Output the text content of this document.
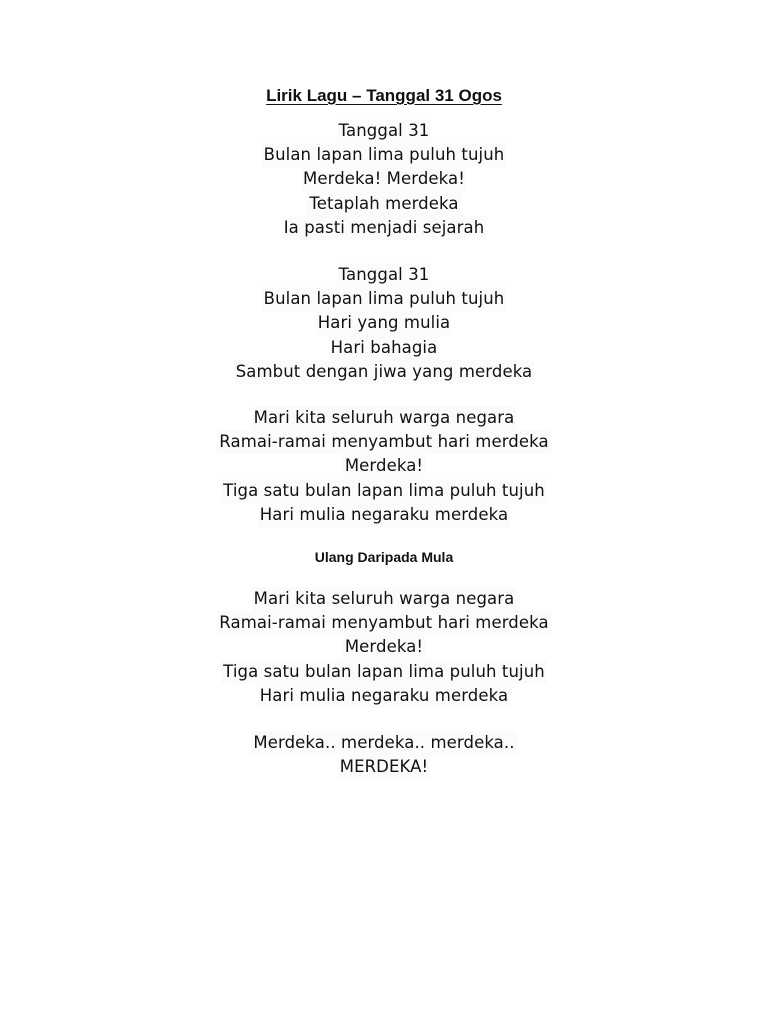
Lirik Lagu – Tanggal 31 Ogos
Tanggal 31
Bulan lapan lima puluh tujuh
Merdeka! Merdeka!
Tetaplah merdeka
Ia pasti menjadi sejarah
Tanggal 31
Bulan lapan lima puluh tujuh
Hari yang mulia
Hari bahagia
Sambut dengan jiwa yang merdeka
Mari kita seluruh warga negara
Ramai-ramai menyambut hari merdeka
Merdeka!
Tiga satu bulan lapan lima puluh tujuh
Hari mulia negaraku merdeka
Ulang Daripada Mula
Mari kita seluruh warga negara
Ramai-ramai menyambut hari merdeka
Merdeka!
Tiga satu bulan lapan lima puluh tujuh
Hari mulia negaraku merdeka
Merdeka.. merdeka.. merdeka..
MERDEKA!
